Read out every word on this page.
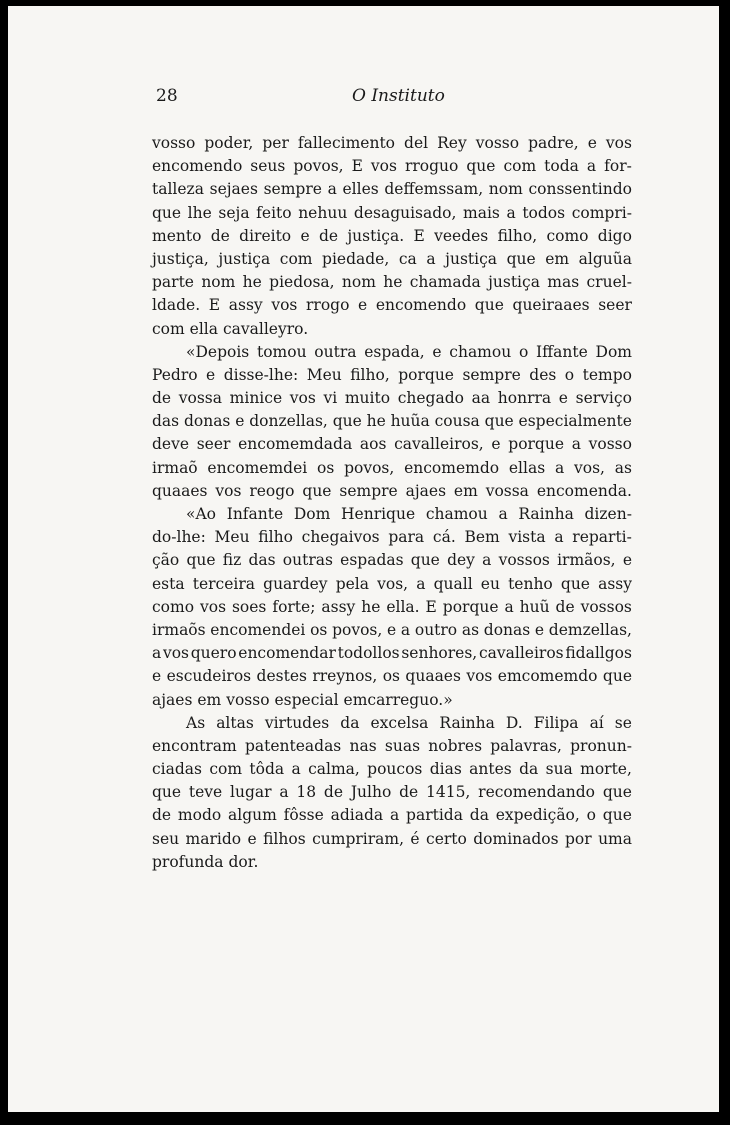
28	O Instituto
vosso poder, per fallecimento del Rey vosso padre, e vos
encomendo seus povos, E vos rroguo que com toda a for-
talleza sejaes sempre a elles deffemssam, nom conssentindo
que lhe seja feito nehuu desaguisado, mais a todos compri-
mento de direito e de justiça. E veedes filho, como digo
justiça, justiça com piedade, ca a justiça que em alguũa
parte nom he piedosa, nom he chamada justiça mas cruel-
ldade. E assy vos rrogo e encomendo que queiraaes seer
com ella cavalleyro.
«Depois tomou outra espada, e chamou o Iffante Dom
Pedro e disse-lhe: Meu filho, porque sempre des o tempo
de vossa minice vos vi muito chegado aa honrra e serviço
das donas e donzellas, que he huũa cousa que especialmente
deve seer encomemdada aos cavalleiros, e porque a vosso
irmaõ encomemdei os povos, encomemdo ellas a vos, as
quaaes vos reogo que sempre ajaes em vossa encomenda.
«Ao Infante Dom Henrique chamou a Rainha dizen-
do-lhe: Meu filho chegaivos para cá. Bem vista a reparti-
ção que fiz das outras espadas que dey a vossos irmãos, e
esta terceira guardey pela vos, a quall eu tenho que assy
como vos soes forte; assy he ella. E porque a huũ de vossos
irmaõs encomendei os povos, e a outro as donas e demzellas,
a vos quero encomendar todollos senhores, cavalleiros fidallgos
e escudeiros destes rreynos, os quaaes vos emcomemdo que
ajaes em vosso especial emcarreguo.»
As altas virtudes da excelsa Rainha D. Filipa aí se
encontram patenteadas nas suas nobres palavras, pronun-
ciadas com tôda a calma, poucos dias antes da sua morte,
que teve lugar a 18 de Julho de 1415, recomendando que
de modo algum fôsse adiada a partida da expedição, o que
seu marido e filhos cumpriram, é certo dominados por uma
profunda dor.
